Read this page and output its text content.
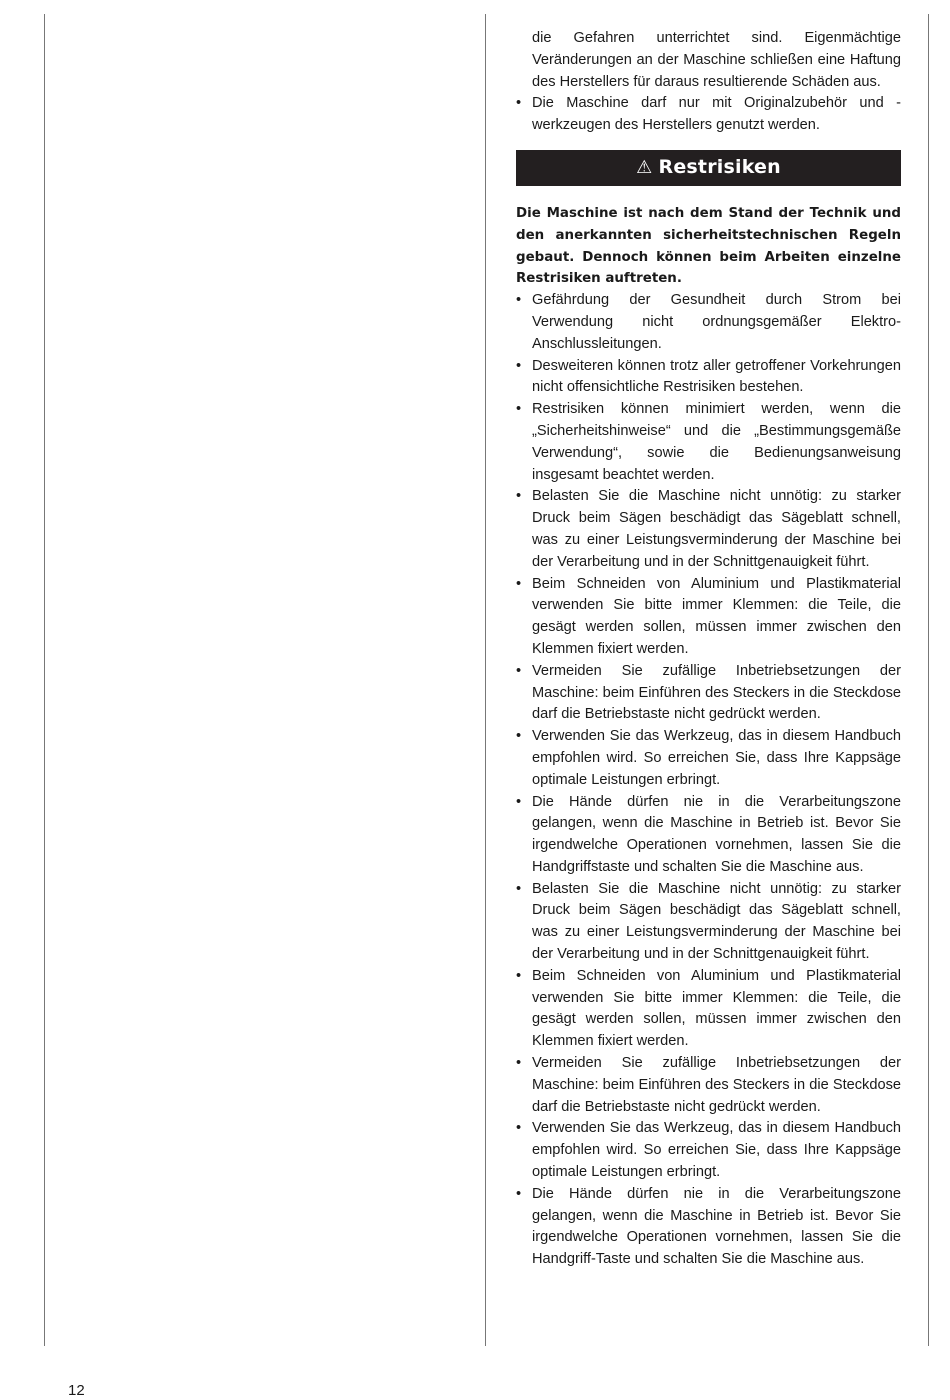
die Gefahren unterrichtet sind. Eigenmächtige Veränderungen an der Maschine schließen eine Haftung des Herstellers für daraus resultierende Schäden aus.
• Die Maschine darf nur mit Originalzubehör und -werkzeugen des Herstellers genutzt werden.
⚠ Restrisiken
Die Maschine ist nach dem Stand der Technik und den anerkannten sicherheitstechnischen Regeln gebaut. Dennoch können beim Arbeiten einzelne Restrisiken auftreten.
• Gefährdung der Gesundheit durch Strom bei Verwendung nicht ordnungsgemäßer Elektro-Anschlussleitungen.
• Desweiteren können trotz aller getroffener Vorkehrungen nicht offensichtliche Restrisiken bestehen.
• Restrisiken können minimiert werden, wenn die „Sicherheitshinweise“ und die „Bestimmungsgemäße Verwendung“, sowie die Bedienungsanweisung insgesamt beachtet werden.
• Belasten Sie die Maschine nicht unnötig: zu starker Druck beim Sägen beschädigt das Sägeblatt schnell, was zu einer Leistungsverminderung der Maschine bei der Verarbeitung und in der Schnittgenauigkeit führt.
• Beim Schneiden von Aluminium und Plastikmaterial verwenden Sie bitte immer Klemmen: die Teile, die gesägt werden sollen, müssen immer zwischen den Klemmen fixiert werden.
• Vermeiden Sie zufällige Inbetriebsetzungen der Maschine: beim Einführen des Steckers in die Steckdose darf die Betriebstaste nicht gedrückt werden.
• Verwenden Sie das Werkzeug, das in diesem Handbuch empfohlen wird. So erreichen Sie, dass Ihre Kappsäge optimale Leistungen erbringt.
• Die Hände dürfen nie in die Verarbeitungszone gelangen, wenn die Maschine in Betrieb ist. Bevor Sie irgendwelche Operationen vornehmen, lassen Sie die Handgriffstaste und schalten Sie die Maschine aus.
• Belasten Sie die Maschine nicht unnötig: zu starker Druck beim Sägen beschädigt das Sägeblatt schnell, was zu einer Leistungsverminderung der Maschine bei der Verarbeitung und in der Schnittgenauigkeit führt.
• Beim Schneiden von Aluminium und Plastikmaterial verwenden Sie bitte immer Klemmen: die Teile, die gesägt werden sollen, müssen immer zwischen den Klemmen fixiert werden.
• Vermeiden Sie zufällige Inbetriebsetzungen der Maschine: beim Einführen des Steckers in die Steckdose darf die Betriebstaste nicht gedrückt werden.
• Verwenden Sie das Werkzeug, das in diesem Handbuch empfohlen wird. So erreichen Sie, dass Ihre Kappsäge optimale Leistungen erbringt.
• Die Hände dürfen nie in die Verarbeitungszone gelangen, wenn die Maschine in Betrieb ist. Bevor Sie irgendwelche Operationen vornehmen, lassen Sie die Handgriff-Taste und schalten Sie die Maschine aus.
12
